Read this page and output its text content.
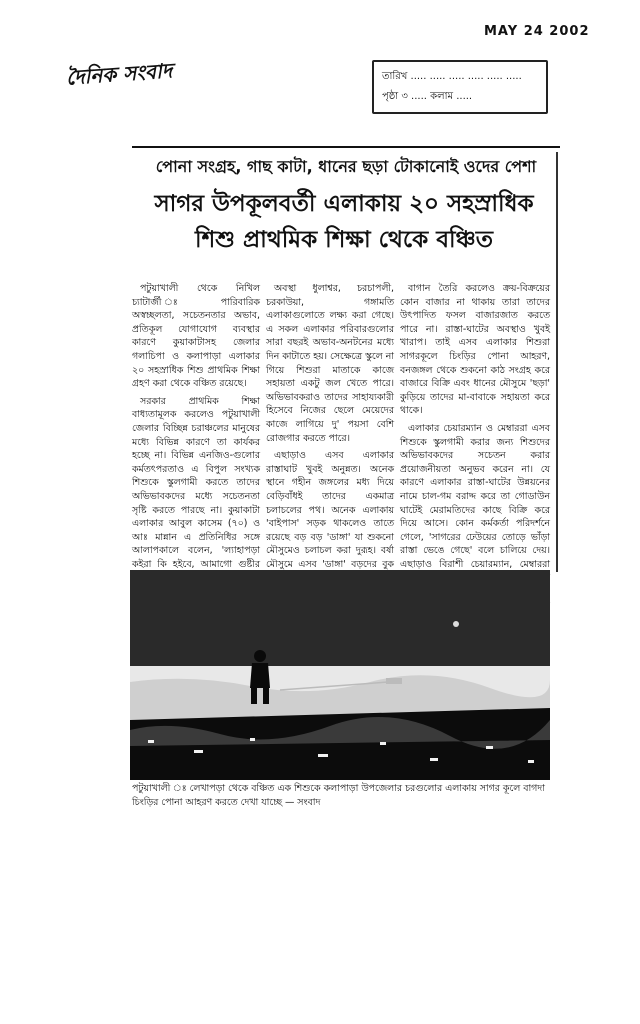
MAY 24 2002
দৈনিক সংবাদ	তারিখ ..... ..... ..... ..... ..... .....
পৃষ্ঠা ৩ ..... কলাম .....
পোনা সংগ্রহ, গাছ কাটা, ধানের ছড়া টোকানোই ওদের পেশা
সাগর উপকূলবর্তী এলাকায় ২০ সহস্রাধিক
শিশু প্রাথমিক শিক্ষা থেকে বঞ্চিত

পটুয়াখালী থেকে নিখিল চ্যাটার্জী ঃ পারিবারিক অস্বচ্ছলতা, সচেতনতার অভাব, প্রতিকূল যোগাযোগ ব্যবস্থার কারণে কুয়াকাটাসহ জেলার গলাচিপা ও কলাপাড়া এলাকার ২০ সহস্রাধিক শিশু প্রাথমিক শিক্ষা গ্রহণ করা থেকে বঞ্চিত রয়েছে।

সরকার প্রাথমিক শিক্ষা বাধ্যতামূলক করলেও পটুয়াখালী জেলার বিচ্ছিন্ন চরাঞ্চলের মানুষের মধ্যে বিভিন্ন কারণে তা কার্যকর হচ্ছে না। বিভিন্ন এনজিও-গুলোর কর্মতৎপরতাও এ বিপুল সংখ্যক শিশুকে স্কুলগামী করতে তাদের অভিভাবকদের মধ্যে সচেতনতা সৃষ্টি করতে পারছে না। কুয়াকাটা এলাকার আবুল কাসেম (৭০) ও আঃ মান্নান এ প্রতিনিধির সঙ্গে আলাপকালে বলেন, 'ল্যাহাপড়া কইরা কি হইবে, আমাগো গুষ্টীর

অবস্থা ধুলাশ্বর, চরচাপলী, চরকাউয়া, গঙ্গামতি এলাকাগুলোতে লক্ষ্য করা গেছে। এ সকল এলাকার পরিবারগুলোর সারা বছরই অভাব-অনটনের মধ্যে দিন কাটাতে হয়। সেক্ষেত্রে স্কুলে না গিয়ে শিশুরা মাতাকে কাজে সহায়তা একটু জল খেতে পারে। অভিভাবকরাও তাদের সাহায্যকারী হিসেবে নিজের ছেলে মেয়েদের কাজে লাগিয়ে দু' পয়সা বেশি রোজগার করতে পারে।

এছাড়াও এসব এলাকার রাস্তাঘাট খুবই অনুন্নত। অনেক স্থানে গহীন জঙ্গলের মধ্য দিয়ে বেড়িবাঁধই তাদের একমাত্র চলাচলের পথ। অনেক এলাকায় 'বাইপাস' সড়ক থাকলেও তাতে রয়েছে বড় বড় 'ডাঙ্গা' যা শুকনো মৌসুমেও চলাচল করা দুরূহ। বর্ষা মৌসুমে এসব 'ডাঙ্গা' বড়দের বুক

বাগান তৈরি করলেও ক্রয়-বিক্রয়ের কোন বাজার না থাকায় তারা তাদের উৎপাদিত ফসল বাজারজাত করতে পারে না। রাস্তা-ঘাটের অবস্থাও খুবই খারাপ। তাই এসব এলাকার শিশুরা সাগরকূলে চিংড়ির পোনা আহরণ, বনজঙ্গল থেকে শুকনো কাঠ সংগ্রহ করে বাজারে বিক্রি এবং ধানের মৌসুমে 'ছড়া' কুড়িয়ে তাদের মা-বাবাকে সহায়তা করে থাকে।

এলাকার চেয়ারম্যান ও মেম্বাররা এসব শিশুকে স্কুলগামী করার জন্য শিশুদের অভিভাবকদের সচেতন করার প্রয়োজনীয়তা অনুভব করেন না। যে কারণে এলাকার রাস্তা-ঘাটের উন্নয়নের নামে চাল-গম বরাদ্দ করে তা গোডাউন ঘাটেই মেরামতিদের কাছে বিক্রি করে দিয়ে আসে। কোন কর্মকর্তা পরিদর্শনে গেলে, 'সাগরের ঢেউয়ের তোড়ে ভাঁড়া রাস্তা ভেঙে গেছে' বলে চালিয়ে দেয়। এছাড়াও বিরাশী চেয়ারম্যান, মেম্বাররা

পটুয়াখালী ঃ লেখাপড়া থেকে বঞ্চিত এক শিশুকে কলাপাড়া উপজেলার চরগুলোর এলাকায় সাগর কূলে বাগদা চিংড়ির পোনা আহরণ করতে দেখা যাচ্ছে — সংবাদ
